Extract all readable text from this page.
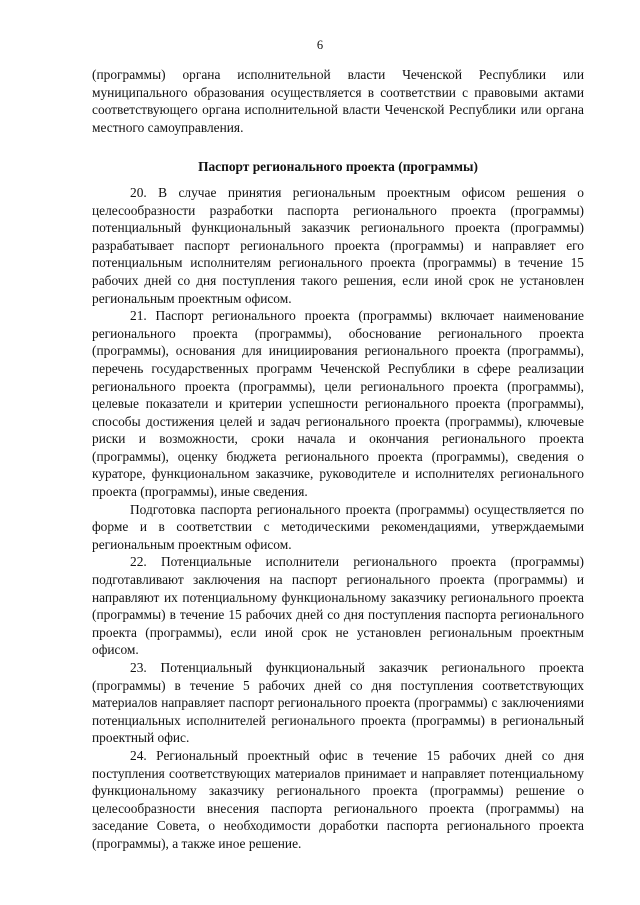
6

(программы) органа исполнительной власти Чеченской Республики или муниципального образования осуществляется в соответствии с правовыми актами соответствующего органа исполнительной власти Чеченской Республики или органа местного самоуправления.

Паспорт регионального проекта (программы)

20. В случае принятия региональным проектным офисом решения о целесообразности разработки паспорта регионального проекта (программы) потенциальный функциональный заказчик регионального проекта (программы) разрабатывает паспорт регионального проекта (программы) и направляет его потенциальным исполнителям регионального проекта (программы) в течение 15 рабочих дней со дня поступления такого решения, если иной срок не установлен региональным проектным офисом.

21. Паспорт регионального проекта (программы) включает наименование регионального проекта (программы), обоснование регионального проекта (программы), основания для инициирования регионального проекта (программы), перечень государственных программ Чеченской Республики в сфере реализации регионального проекта (программы), цели регионального проекта (программы), целевые показатели и критерии успешности регионального проекта (программы), способы достижения целей и задач регионального проекта (программы), ключевые риски и возможности, сроки начала и окончания регионального проекта (программы), оценку бюджета регионального проекта (программы), сведения о кураторе, функциональном заказчике, руководителе и исполнителях регионального проекта (программы), иные сведения.

Подготовка паспорта регионального проекта (программы) осуществляется по форме и в соответствии с методическими рекомендациями, утверждаемыми региональным проектным офисом.

22. Потенциальные исполнители регионального проекта (программы) подготавливают заключения на паспорт регионального проекта (программы) и направляют их потенциальному функциональному заказчику регионального проекта (программы) в течение 15 рабочих дней со дня поступления паспорта регионального проекта (программы), если иной срок не установлен региональным проектным офисом.

23. Потенциальный функциональный заказчик регионального проекта (программы) в течение 5 рабочих дней со дня поступления соответствующих материалов направляет паспорт регионального проекта (программы) с заключениями потенциальных исполнителей регионального проекта (программы) в региональный проектный офис.

24. Региональный проектный офис в течение 15 рабочих дней со дня поступления соответствующих материалов принимает и направляет потенциальному функциональному заказчику регионального проекта (программы) решение о целесообразности внесения паспорта регионального проекта (программы) на заседание Совета, о необходимости доработки паспорта регионального проекта (программы), а также иное решение.
